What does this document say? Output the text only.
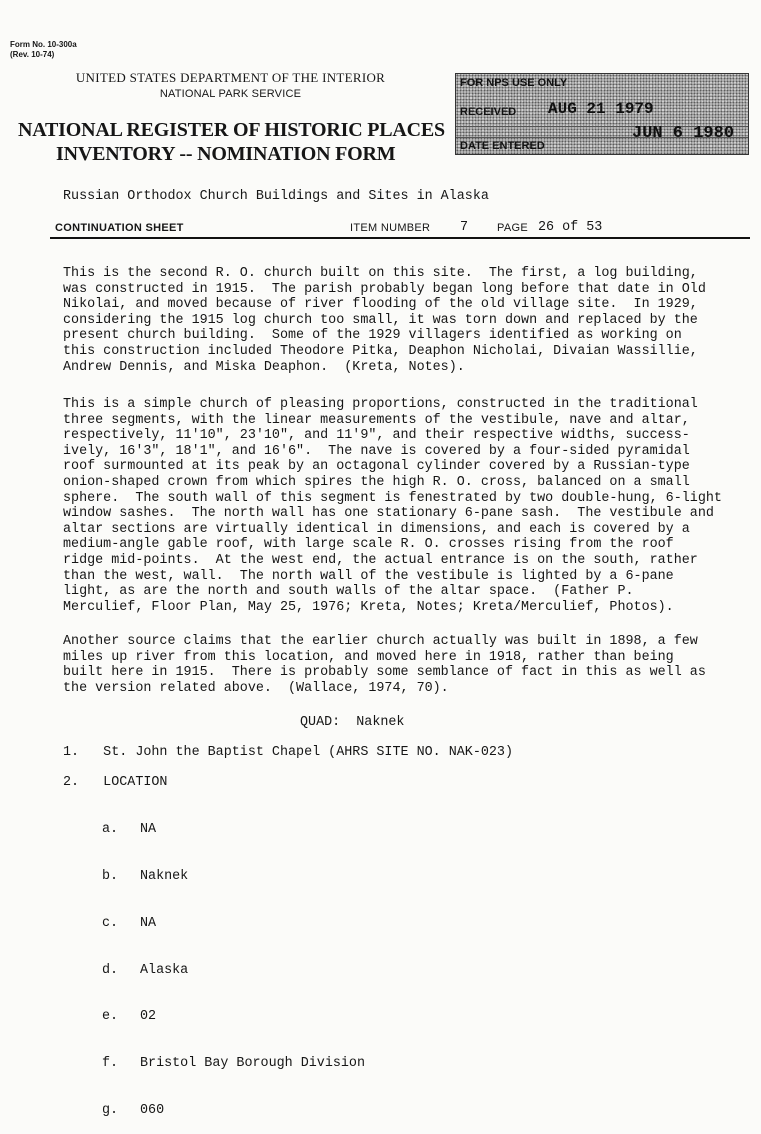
Form No. 10-300a
(Rev. 10-74)
UNITED STATES DEPARTMENT OF THE INTERIOR
NATIONAL PARK SERVICE
NATIONAL REGISTER OF HISTORIC PLACES
INVENTORY -- NOMINATION FORM
FOR NPS USE ONLY
RECEIVED AUG 21 1979
JUN 6 1980
DATE ENTERED
Russian Orthodox Church Buildings and Sites in Alaska
CONTINUATION SHEET	ITEM NUMBER 7	PAGE 26 of 53
This is the second R. O. church built on this site.  The first, a log building,
was constructed in 1915.  The parish probably began long before that date in Old
Nikolai, and moved because of river flooding of the old village site.  In 1929,
considering the 1915 log church too small, it was torn down and replaced by the
present church building.  Some of the 1929 villagers identified as working on
this construction included Theodore Pitka, Deaphon Nicholai, Divaian Wassillie,
Andrew Dennis, and Miska Deaphon.  (Kreta, Notes).
This is a simple church of pleasing proportions, constructed in the traditional
three segments, with the linear measurements of the vestibule, nave and altar,
respectively, 11'10", 23'10", and 11'9", and their respective widths, success-
ively, 16'3", 18'1", and 16'6".  The nave is covered by a four-sided pyramidal
roof surmounted at its peak by an octagonal cylinder covered by a Russian-type
onion-shaped crown from which spires the high R. O. cross, balanced on a small
sphere.  The south wall of this segment is fenestrated by two double-hung, 6-light
window sashes.  The north wall has one stationary 6-pane sash.  The vestibule and
altar sections are virtually identical in dimensions, and each is covered by a
medium-angle gable roof, with large scale R. O. crosses rising from the roof
ridge mid-points.  At the west end, the actual entrance is on the south, rather
than the west, wall.  The north wall of the vestibule is lighted by a 6-pane
light, as are the north and south walls of the altar space.  (Father P.
Merculief, Floor Plan, May 25, 1976; Kreta, Notes; Kreta/Merculief, Photos).
Another source claims that the earlier church actually was built in 1898, a few
miles up river from this location, and moved here in 1918, rather than being
built here in 1915.  There is probably some semblance of fact in this as well as
the version related above.  (Wallace, 1974, 70).
QUAD:  Naknek
1.   St. John the Baptist Chapel (AHRS SITE NO. NAK-023)
2.   LOCATION

a.	NA

b.	Naknek

c.	NA

d.	Alaska

e.	02

f.	Bristol Bay Borough Division

g.	060
